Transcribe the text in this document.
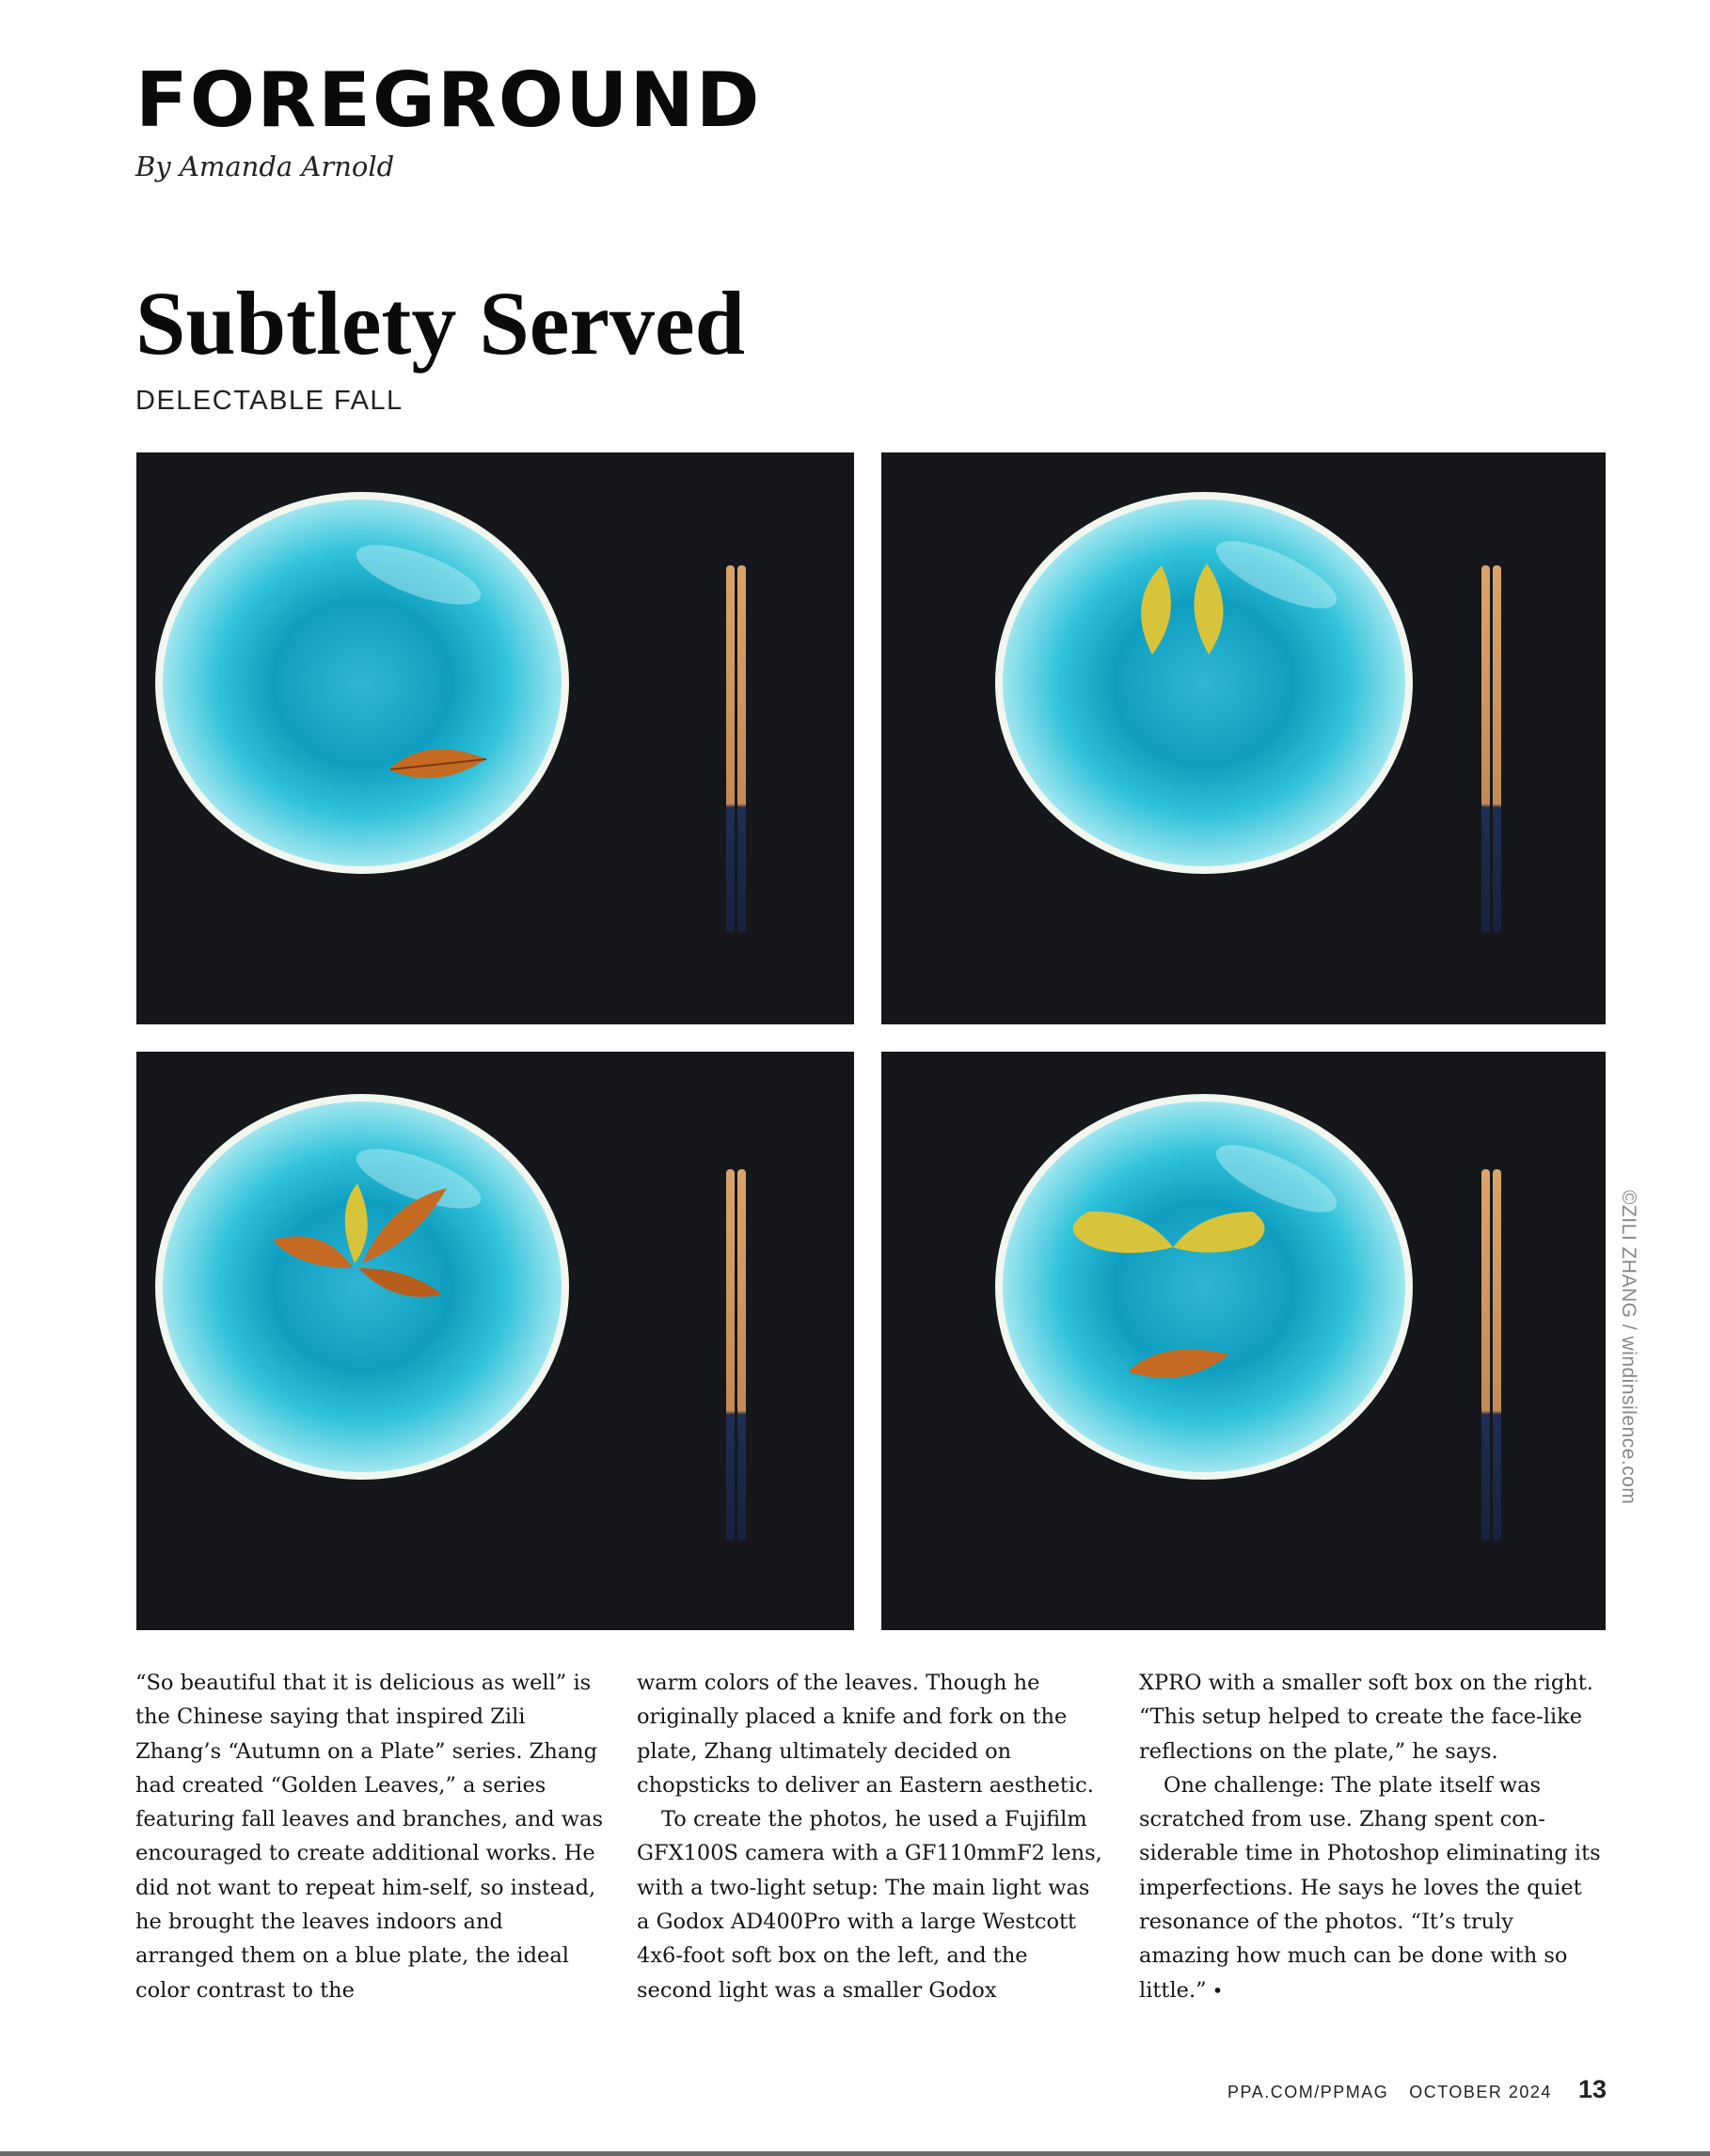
FOREGROUND
By Amanda Arnold
Subtlety Served
DELECTABLE FALL
©ZILI ZHANG / windinsilence.com

“So beautiful that it is delicious as well” is the Chinese saying that inspired Zili Zhang’s “Autumn on a Plate” series. Zhang had created “Golden Leaves,” a series featuring fall leaves and branches, and was encouraged to create additional works. He did not want to repeat him-self, so instead, he brought the leaves indoors and arranged them on a blue plate, the ideal color contrast to the

warm colors of the leaves. Though he originally placed a knife and fork on the plate, Zhang ultimately decided on chopsticks to deliver an Eastern aesthetic.

To create the photos, he used a Fujifilm GFX100S camera with a GF110mmF2 lens, with a two-light setup: The main light was a Godox AD400Pro with a large Westcott 4x6-foot soft box on the left, and the second light was a smaller Godox

XPRO with a smaller soft box on the right. “This setup helped to create the face-like reflections on the plate,” he says.

One challenge: The plate itself was scratched from use. Zhang spent con-siderable time in Photoshop eliminating its imperfections. He says he loves the quiet resonance of the photos. “It’s truly amazing how much can be done with so little.” •

PPA.COM/PPMAG OCTOBER 2024 13
